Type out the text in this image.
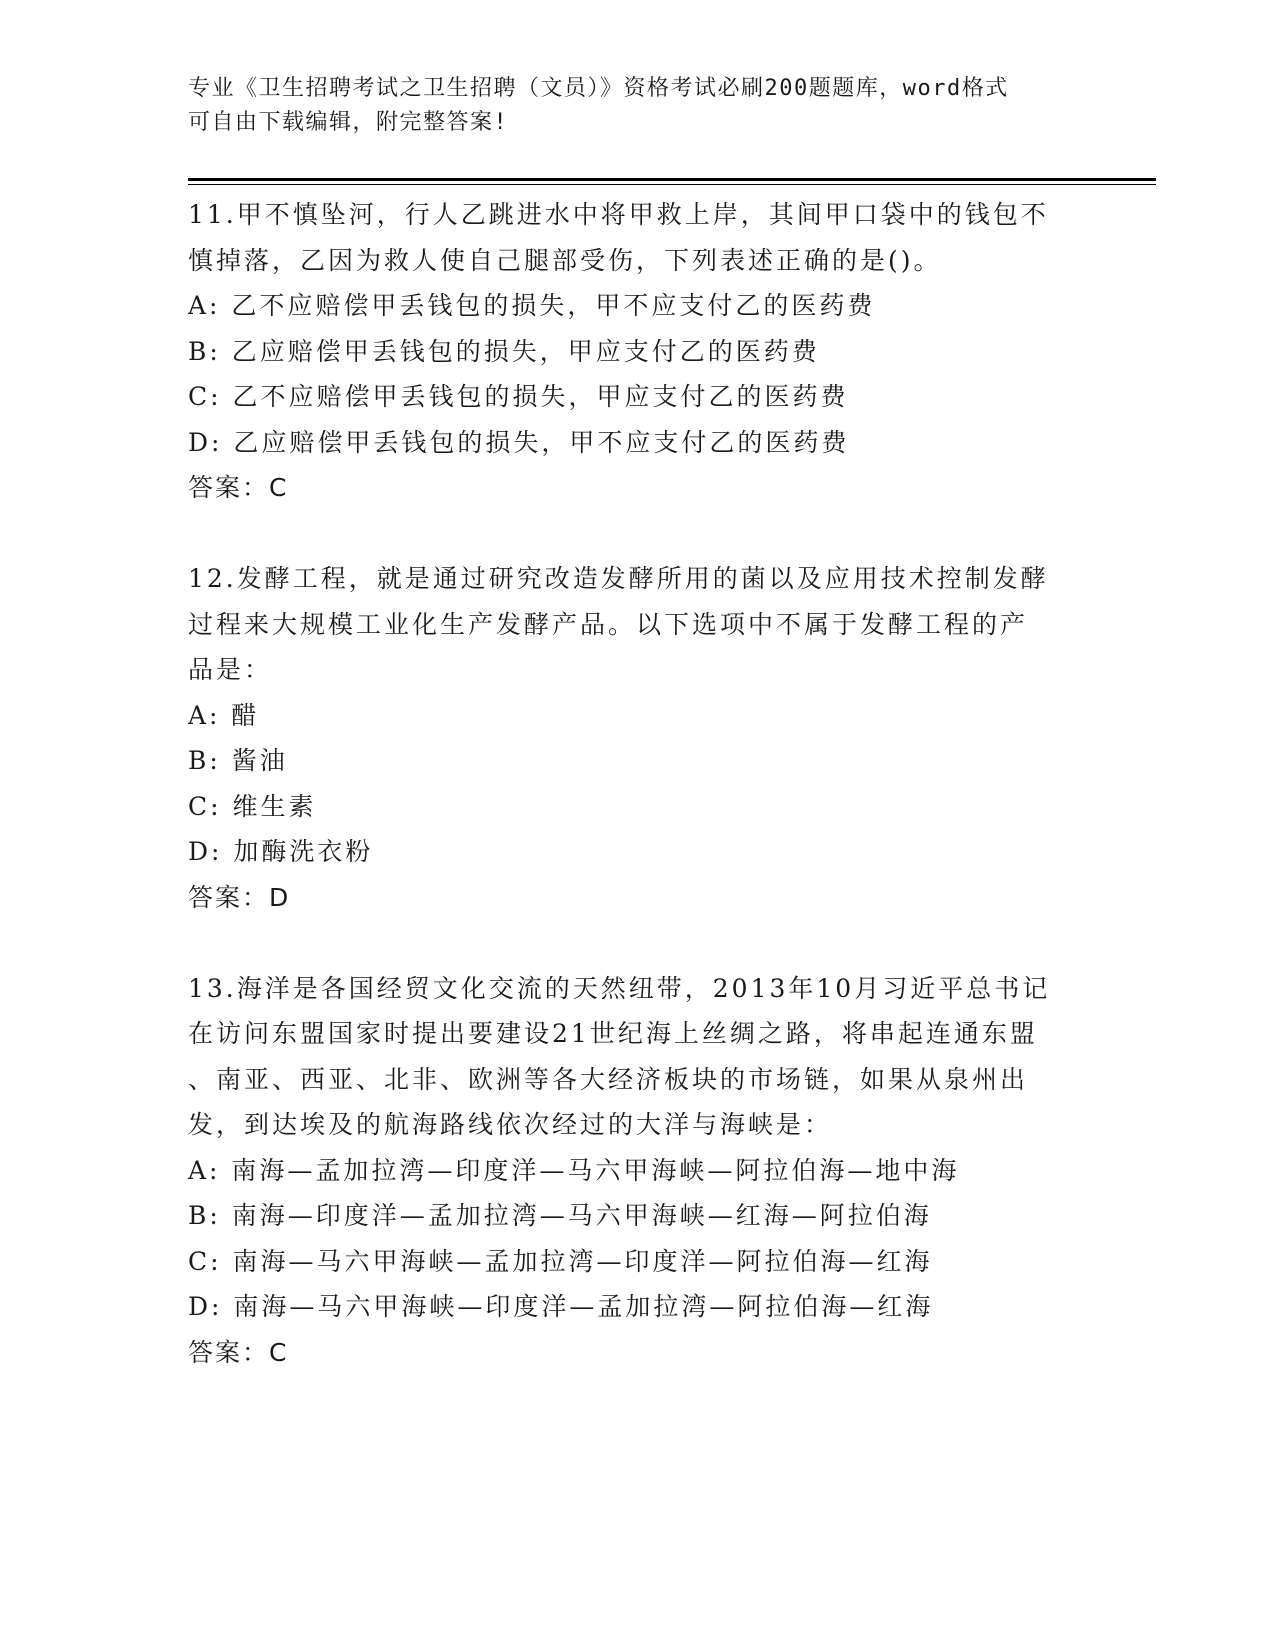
专业《卫生招聘考试之卫生招聘（文员）》资格考试必刷200题题库，word格式
可自由下载编辑，附完整答案!

11.甲不慎坠河，行人乙跳进水中将甲救上岸，其间甲口袋中的钱包不

慎掉落，乙因为救人使自己腿部受伤，下列表述正确的是()。

A: 乙不应赔偿甲丢钱包的损失，甲不应支付乙的医药费

B: 乙应赔偿甲丢钱包的损失，甲应支付乙的医药费

C: 乙不应赔偿甲丢钱包的损失，甲应支付乙的医药费

D: 乙应赔偿甲丢钱包的损失，甲不应支付乙的医药费

答案：C

12.发酵工程，就是通过研究改造发酵所用的菌以及应用技术控制发酵

过程来大规模工业化生产发酵产品。以下选项中不属于发酵工程的产

品是：

A: 醋

B: 酱油

C: 维生素

D: 加酶洗衣粉

答案：D

13.海洋是各国经贸文化交流的天然纽带，2013年10月习近平总书记

在访问东盟国家时提出要建设21世纪海上丝绸之路，将串起连通东盟

、南亚、西亚、北非、欧洲等各大经济板块的市场链，如果从泉州出

发，到达埃及的航海路线依次经过的大洋与海峡是：

A: 南海—孟加拉湾—印度洋—马六甲海峡—阿拉伯海—地中海

B: 南海—印度洋—孟加拉湾—马六甲海峡—红海—阿拉伯海

C: 南海—马六甲海峡—孟加拉湾—印度洋—阿拉伯海—红海

D: 南海—马六甲海峡—印度洋—孟加拉湾—阿拉伯海—红海

答案：C
